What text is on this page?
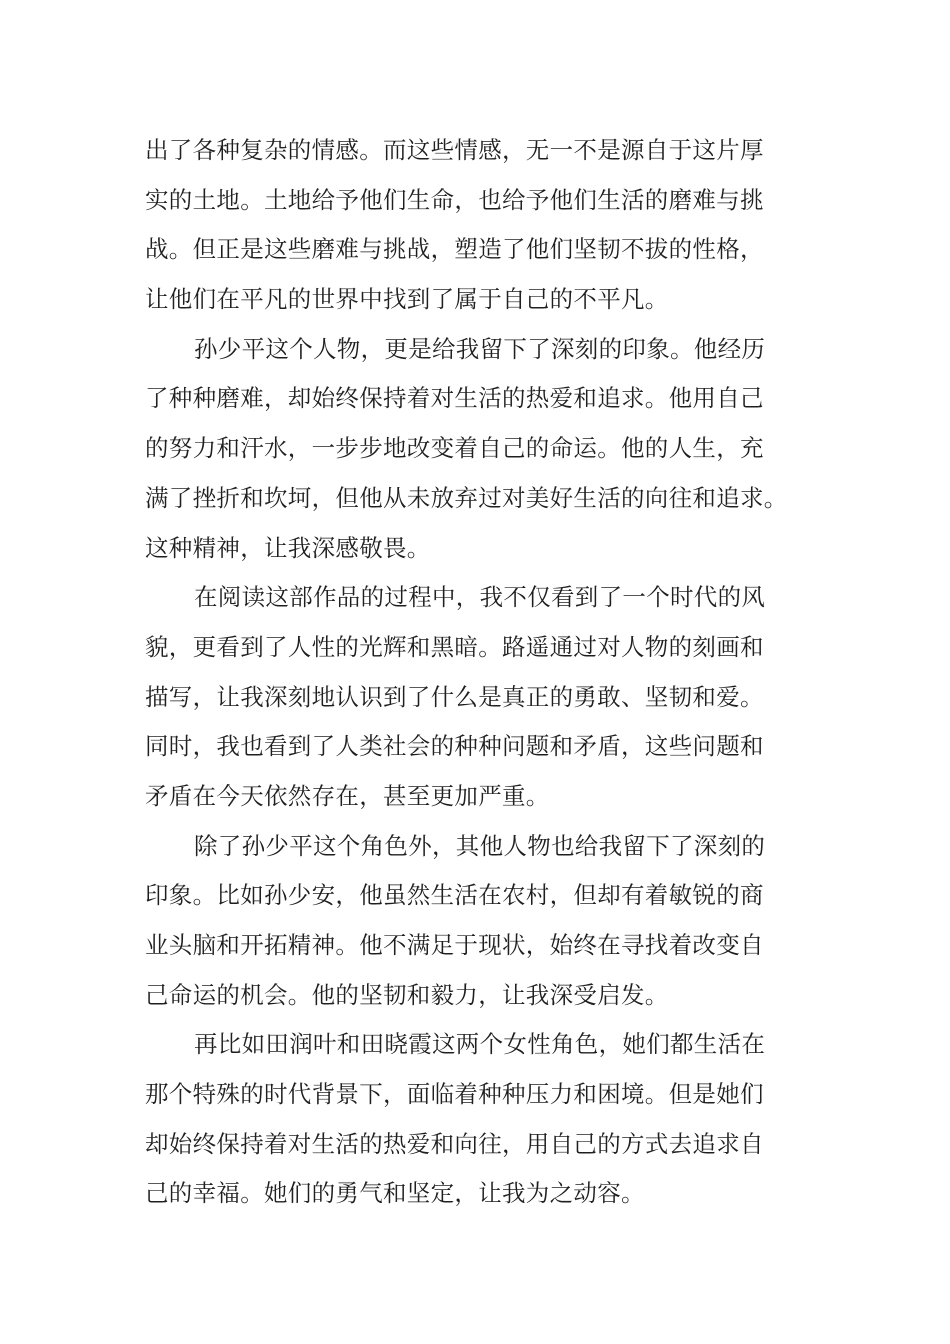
出了各种复杂的情感。而这些情感，无一不是源自于这片厚
实的土地。土地给予他们生命，也给予他们生活的磨难与挑
战。但正是这些磨难与挑战，塑造了他们坚韧不拔的性格，
让他们在平凡的世界中找到了属于自己的不平凡。
孙少平这个人物，更是给我留下了深刻的印象。他经历
了种种磨难，却始终保持着对生活的热爱和追求。他用自己
的努力和汗水，一步步地改变着自己的命运。他的人生，充
满了挫折和坎坷，但他从未放弃过对美好生活的向往和追求。
这种精神，让我深感敬畏。
在阅读这部作品的过程中，我不仅看到了一个时代的风
貌，更看到了人性的光辉和黑暗。路遥通过对人物的刻画和
描写，让我深刻地认识到了什么是真正的勇敢、坚韧和爱。
同时，我也看到了人类社会的种种问题和矛盾，这些问题和
矛盾在今天依然存在，甚至更加严重。
除了孙少平这个角色外，其他人物也给我留下了深刻的
印象。比如孙少安，他虽然生活在农村，但却有着敏锐的商
业头脑和开拓精神。他不满足于现状，始终在寻找着改变自
己命运的机会。他的坚韧和毅力，让我深受启发。
再比如田润叶和田晓霞这两个女性角色，她们都生活在
那个特殊的时代背景下，面临着种种压力和困境。但是她们
却始终保持着对生活的热爱和向往，用自己的方式去追求自
己的幸福。她们的勇气和坚定，让我为之动容。
